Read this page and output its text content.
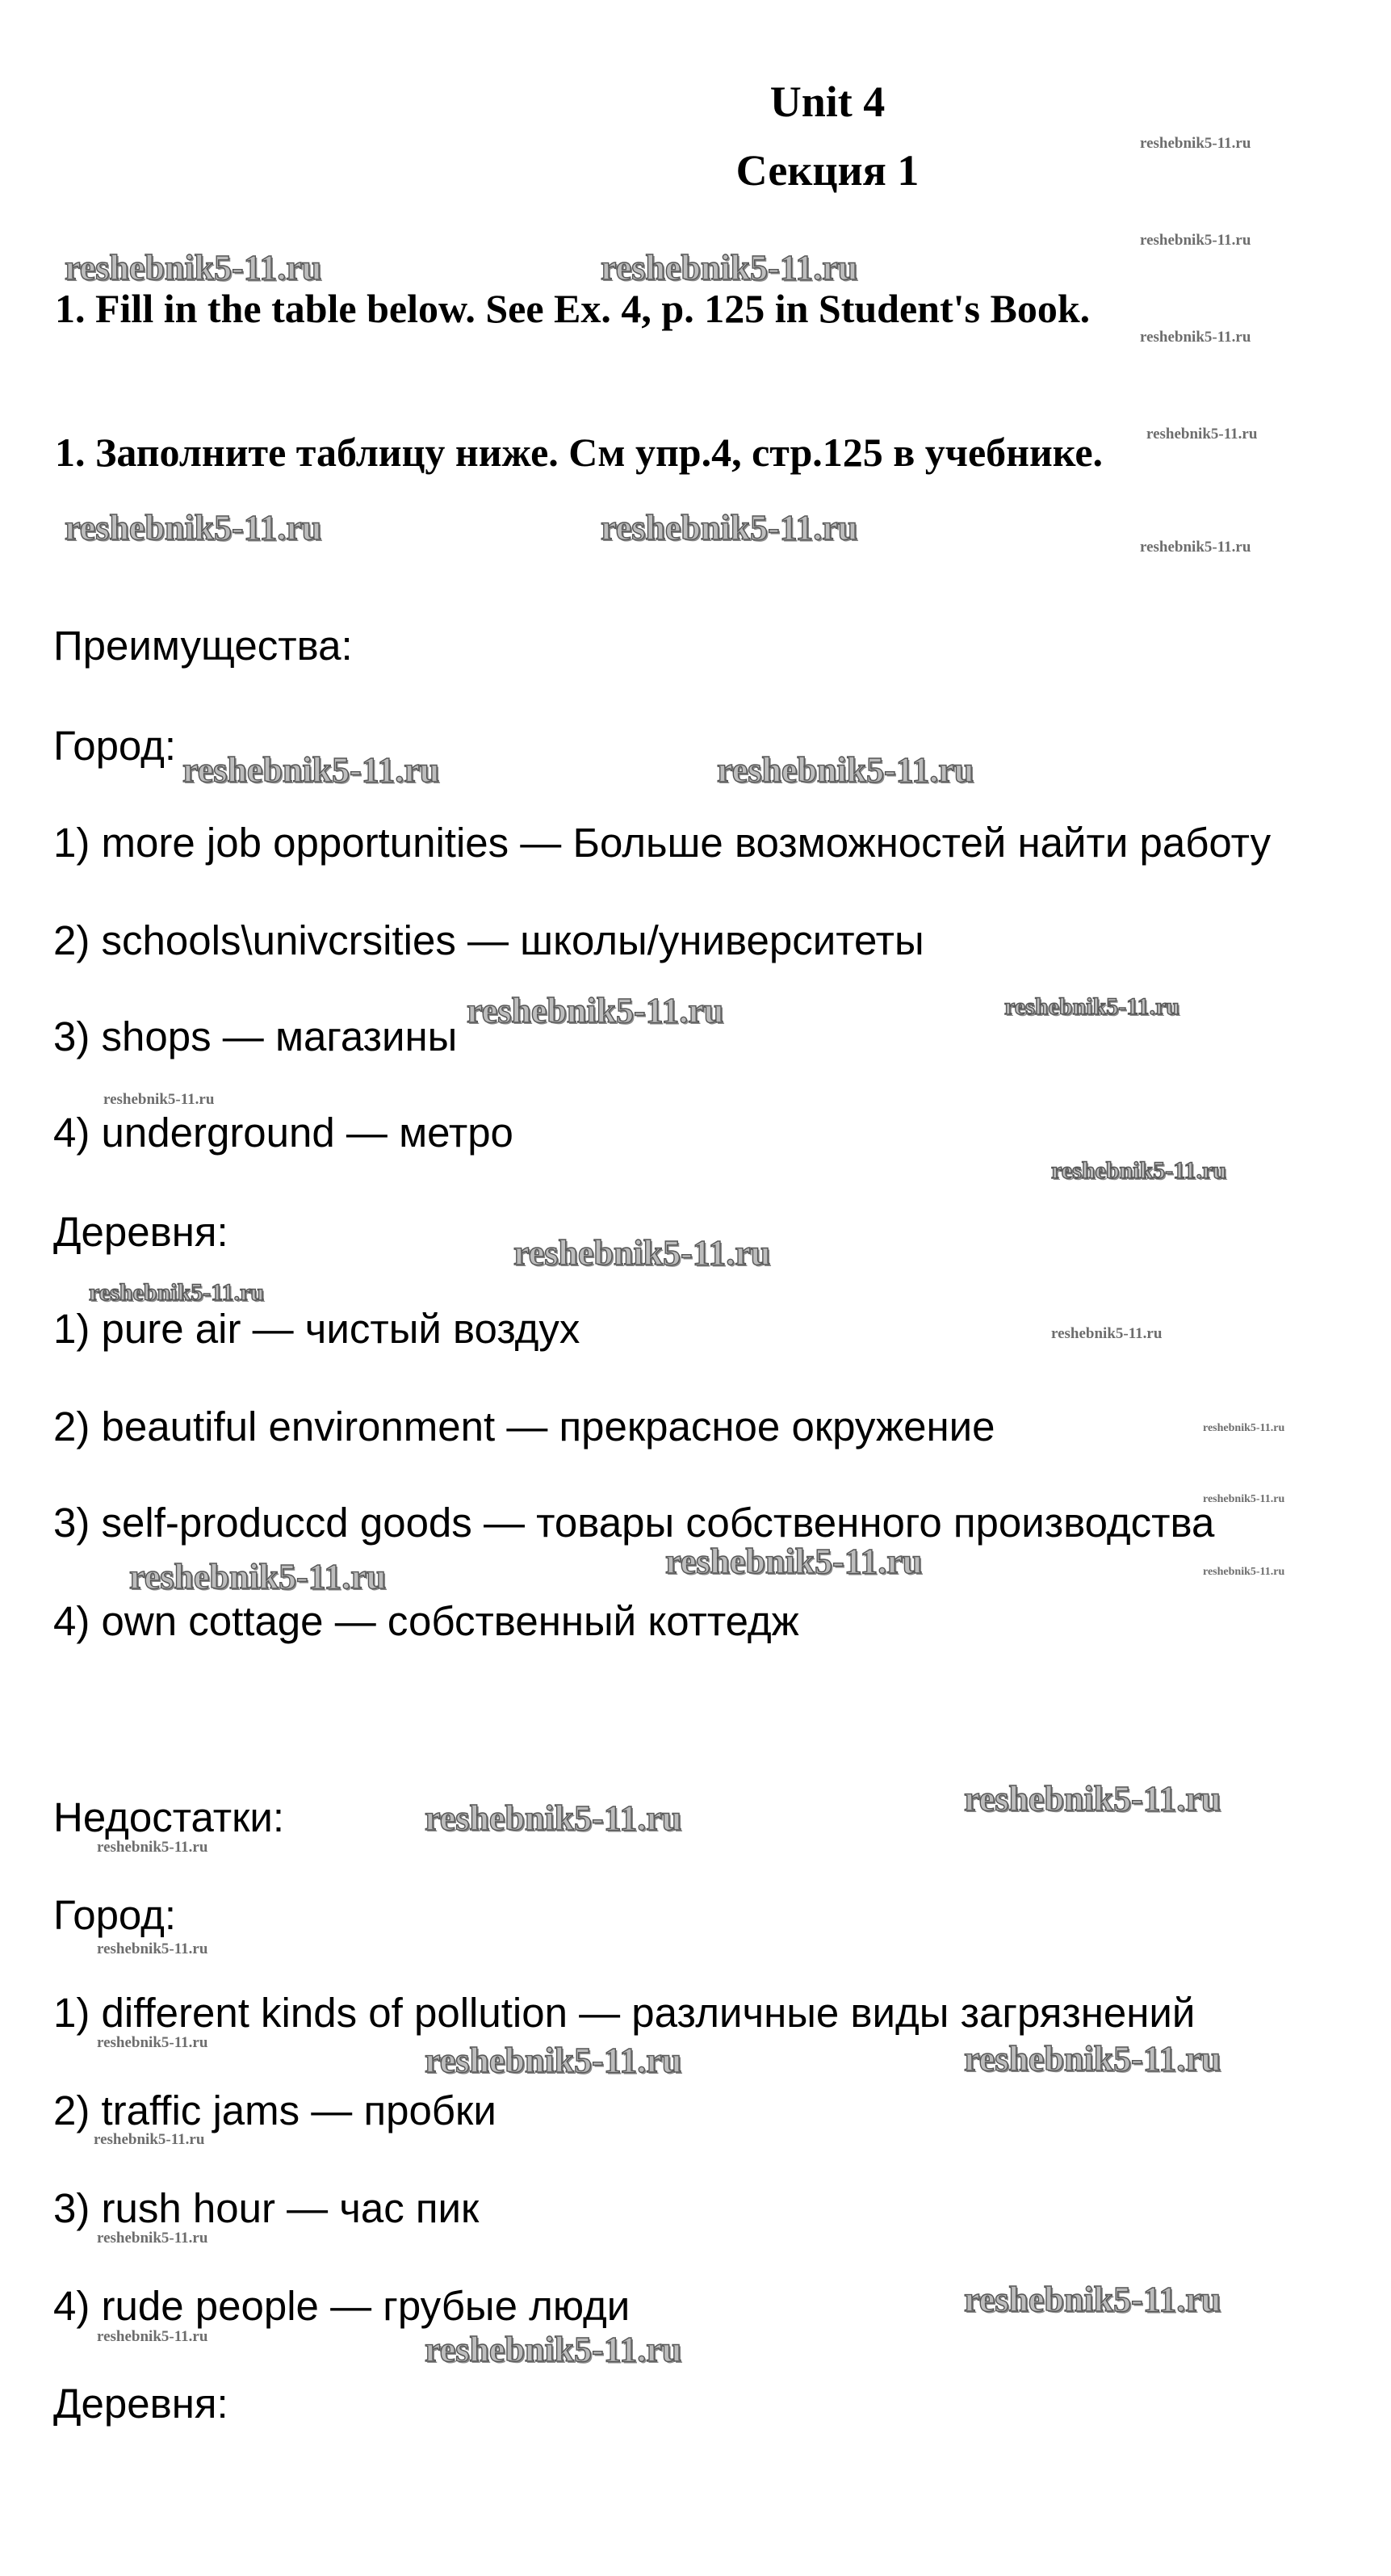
Unit 4
Секция 1
1. Fill in the table below. See Ex. 4, p. 125 in Student's Book.
1. Заполните таблицу ниже. См упр.4, стр.125 в учебнике.
Преимущества:
Город:
1) more job opportunities — Больше возможностей найти работу
2) schools\univcrsities — школы/университеты
3) shops — магазины
4) underground — метро
Деревня:
1) pure air — чистый воздух
2) beautiful environment — прекрасное окружение
3) self-produccd goods — товары собственного производства
4) own cottage — собственный коттедж
Недостатки:
Город:
1) different kinds of pollution — различные виды загрязнений
2) traffic jams — пробки
3) rush hour — час пик
4) rude people — грубые люди
Деревня:
reshebnik5-11.ru	reshebnik5-11.ru
reshebnik5-11.ru	reshebnik5-11.ru
reshebnik5-11.ru	reshebnik5-11.ru
reshebnik5-11.ru
reshebnik5-11.ru
reshebnik5-11.ru	reshebnik5-11.ru
reshebnik5-11.ru
reshebnik5-11.ru
reshebnik5-11.ru	reshebnik5-11.ru
reshebnik5-11.ru
reshebnik5-11.ru
reshebnik5-11.ru
reshebnik5-11.ru
reshebnik5-11.ru
reshebnik5-11.ru
reshebnik5-11.ru
reshebnik5-11.ru
reshebnik5-11.ru
reshebnik5-11.ru
reshebnik5-11.ru
reshebnik5-11.ru
reshebnik5-11.ru
reshebnik5-11.ru
reshebnik5-11.ru
reshebnik5-11.ru
reshebnik5-11.ru
reshebnik5-11.ru
reshebnik5-11.ru
reshebnik5-11.ru
reshebnik5-11.ru
